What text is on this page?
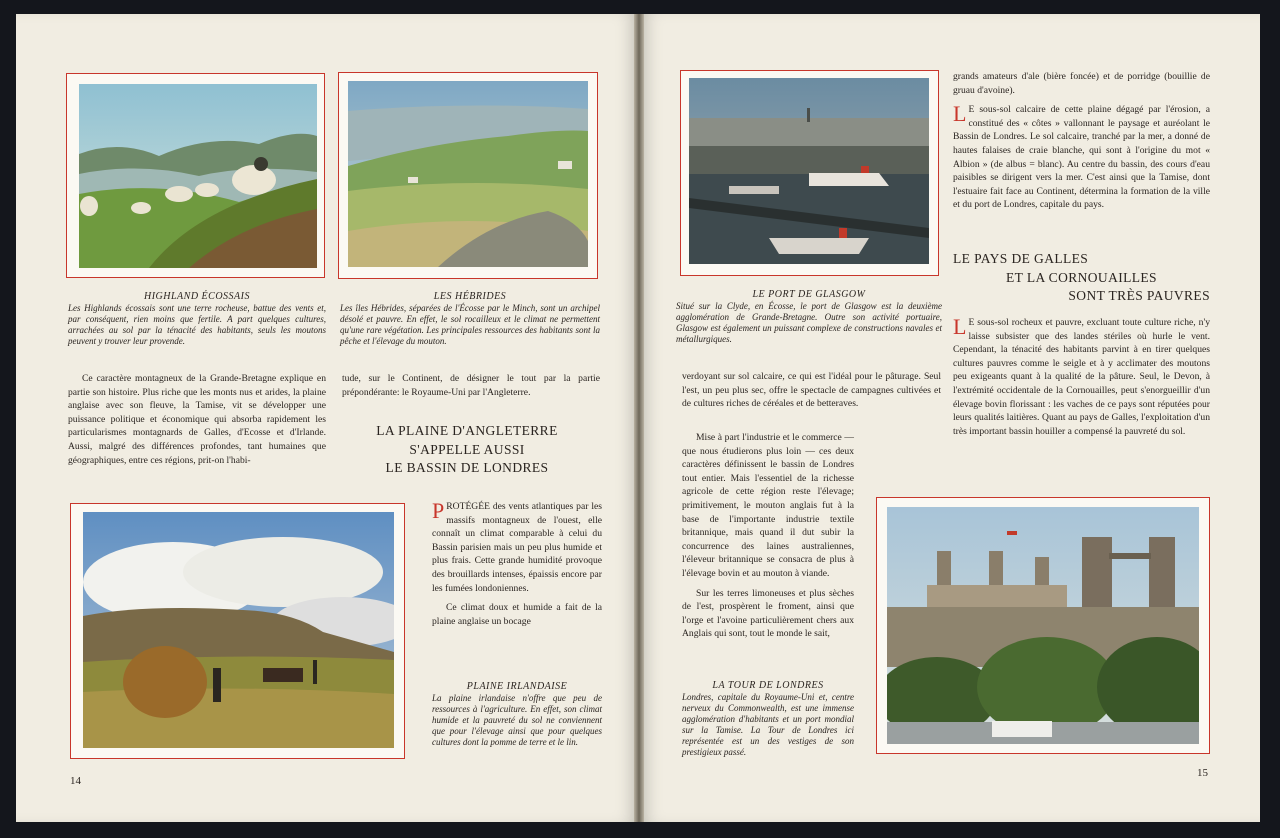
HIGHLAND ÉCOSSAIS
Les Highlands écossais sont une terre rocheuse, battue des vents et, par conséquent, rien moins que fertile. A part quelques cultures, arrachées au sol par la ténacité des habitants, seuls les moutons peuvent y trouver leur provende.
LES HÉBRIDES
Les îles Hébrides, séparées de l'Écosse par le Minch, sont un archipel désolé et pauvre. En effet, le sol rocailleux et le climat ne permettent qu'une rare végétation. Les principales ressources des habitants sont la pêche et l'élevage du mouton.

Ce caractère montagneux de la Grande-Bretagne explique en partie son histoire. Plus riche que les monts nus et arides, la plaine anglaise avec son fleuve, la Tamise, vit se développer une puissance politique et économique qui absorba rapidement les particularismes montagnards de Galles, d'Ecosse et d'Irlande. Aussi, malgré des différences profondes, tant humaines que géographiques, entre ces régions, prit-on l'habi-

tude, sur le Continent, de désigner le tout par la partie prépondérante: le Royaume-Uni par l'Angleterre.

LA PLAINE D'ANGLETERRE
S'APPELLE AUSSI
LE BASSIN DE LONDRES

PROTÉGÉE des vents atlantiques par les massifs montagneux de l'ouest, elle connaît un climat comparable à celui du Bassin parisien mais un peu plus humide et plus frais. Cette grande humidité provoque des brouillards intenses, épaissis encore par les fumées londoniennes.

Ce climat doux et humide a fait de la plaine anglaise un bocage

PLAINE IRLANDAISE
La plaine irlandaise n'offre que peu de ressources à l'agriculture. En effet, son climat humide et la pauvreté du sol ne conviennent que pour l'élevage ainsi que pour quelques cultures dont la pomme de terre et le lin.
14
LE PORT DE GLASGOW
Situé sur la Clyde, en Écosse, le port de Glasgow est la deuxième agglomération de Grande-Bretagne. Outre son activité portuaire, Glasgow est également un puissant complexe de constructions navales et métallurgiques.

verdoyant sur sol calcaire, ce qui est l'idéal pour le pâturage. Seul l'est, un peu plus sec, offre le spectacle de campagnes cultivées et de cultures riches de céréales et de betteraves.

Mise à part l'industrie et le commerce — que nous étudierons plus loin — ces deux caractères définissent le bassin de Londres tout entier. Mais l'essentiel de la richesse agricole de cette région reste l'élevage; primitivement, le mouton anglais fut à la base de l'importante industrie textile britannique, mais quand il dut subir la concurrence des laines australiennes, l'éleveur britannique se consacra de plus à l'élevage bovin et au mouton à viande.

Sur les terres limoneuses et plus sèches de l'est, prospèrent le froment, ainsi que l'orge et l'avoine particulièrement chers aux Anglais qui sont, tout le monde le sait,

LA TOUR DE LONDRES
Londres, capitale du Royaume-Uni et, centre nerveux du Commonwealth, est une immense agglomération d'habitants et un port mondial sur la Tamise. La Tour de Londres ici représentée est un des vestiges de son prestigieux passé.

grands amateurs d'ale (bière foncée) et de porridge (bouillie de gruau d'avoine).

L E sous-sol calcaire de cette plaine dégagé par l'érosion, a constitué des « côtes » vallonnant le paysage et auréolant le Bassin de Londres. Le sol calcaire, tranché par la mer, a donné de hautes falaises de craie blanche, qui sont à l'origine du mot « Albion » (de albus = blanc). Au centre du bassin, des cours d'eau paisibles se dirigent vers la mer. C'est ainsi que la Tamise, dont l'estuaire fait face au Continent, détermina la formation de la ville et du port de Londres, capitale du pays.

LE PAYS DE GALLES
ET LA CORNOUAILLES
SONT TRÈS PAUVRES

L E sous-sol rocheux et pauvre, excluant toute culture riche, n'y laisse subsister que des landes stériles où hurle le vent. Cependant, la ténacité des habitants parvint à en tirer quelques cultures pauvres comme le seigle et à y acclimater des moutons peu exigeants quant à la qualité de la pâture. Seul, le Devon, à l'extrémité occidentale de la Cornouailles, peut s'enorgueillir d'un élevage bovin florissant : les vaches de ce pays sont réputées pour leurs qualités laitières. Quant au pays de Galles, l'exploitation d'un très important bassin houiller a compensé la pauvreté du sol.

15
